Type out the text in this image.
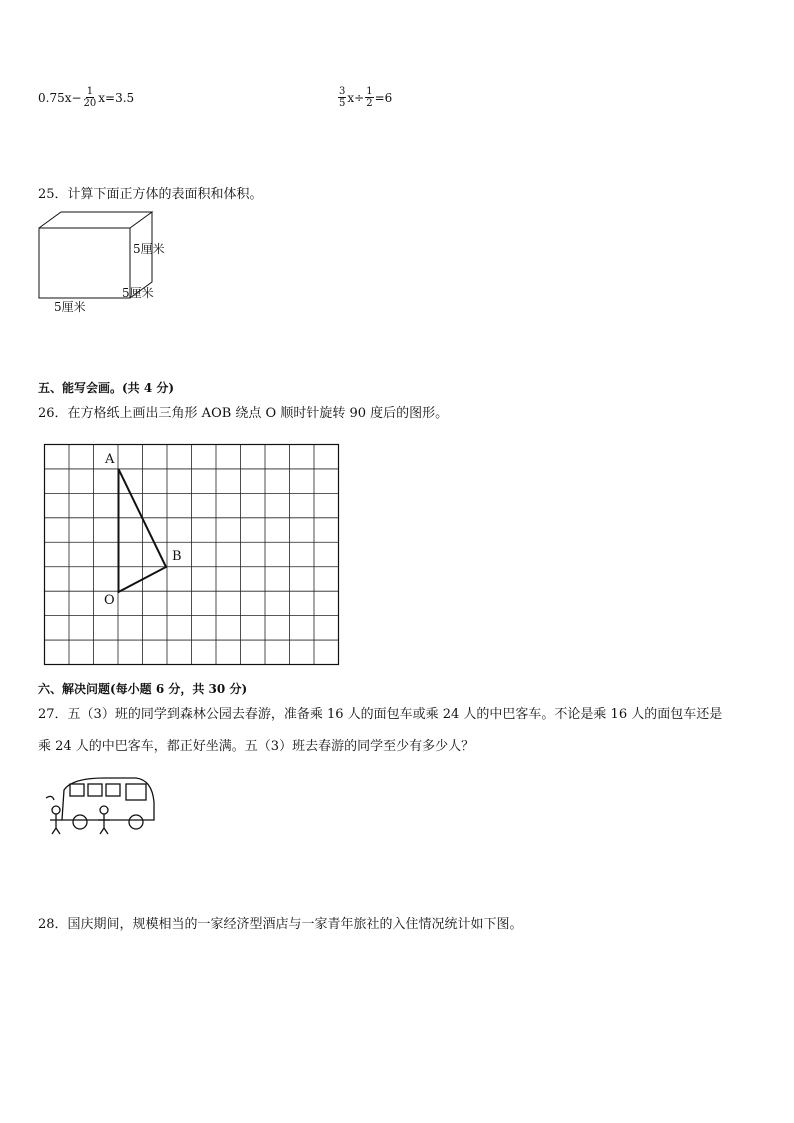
$0.75x- \frac{1}{20} x=3.5$	$\frac{3}{5} x\div \frac{1}{2} =6$
25．计算下面正方体的表面积和体积。
5厘米
5厘米
5厘米
五、能写会画。(共 4 分)
26．在方格纸上画出三角形 AOB 绕点 O 顺时针旋转 90 度后的图形。
A
B
O
六、解决问题(每小题 6 分，共 30 分)
27．五（3）班的同学到森林公园去春游，准备乘 16 人的面包车或乘 24 人的中巴客车。不论是乘 16 人的面包车还是
乘 24 人的中巴客车，都正好坐满。五（3）班去春游的同学至少有多少人？
28．国庆期间，规模相当的一家经济型酒店与一家青年旅社的入住情况统计如下图。
